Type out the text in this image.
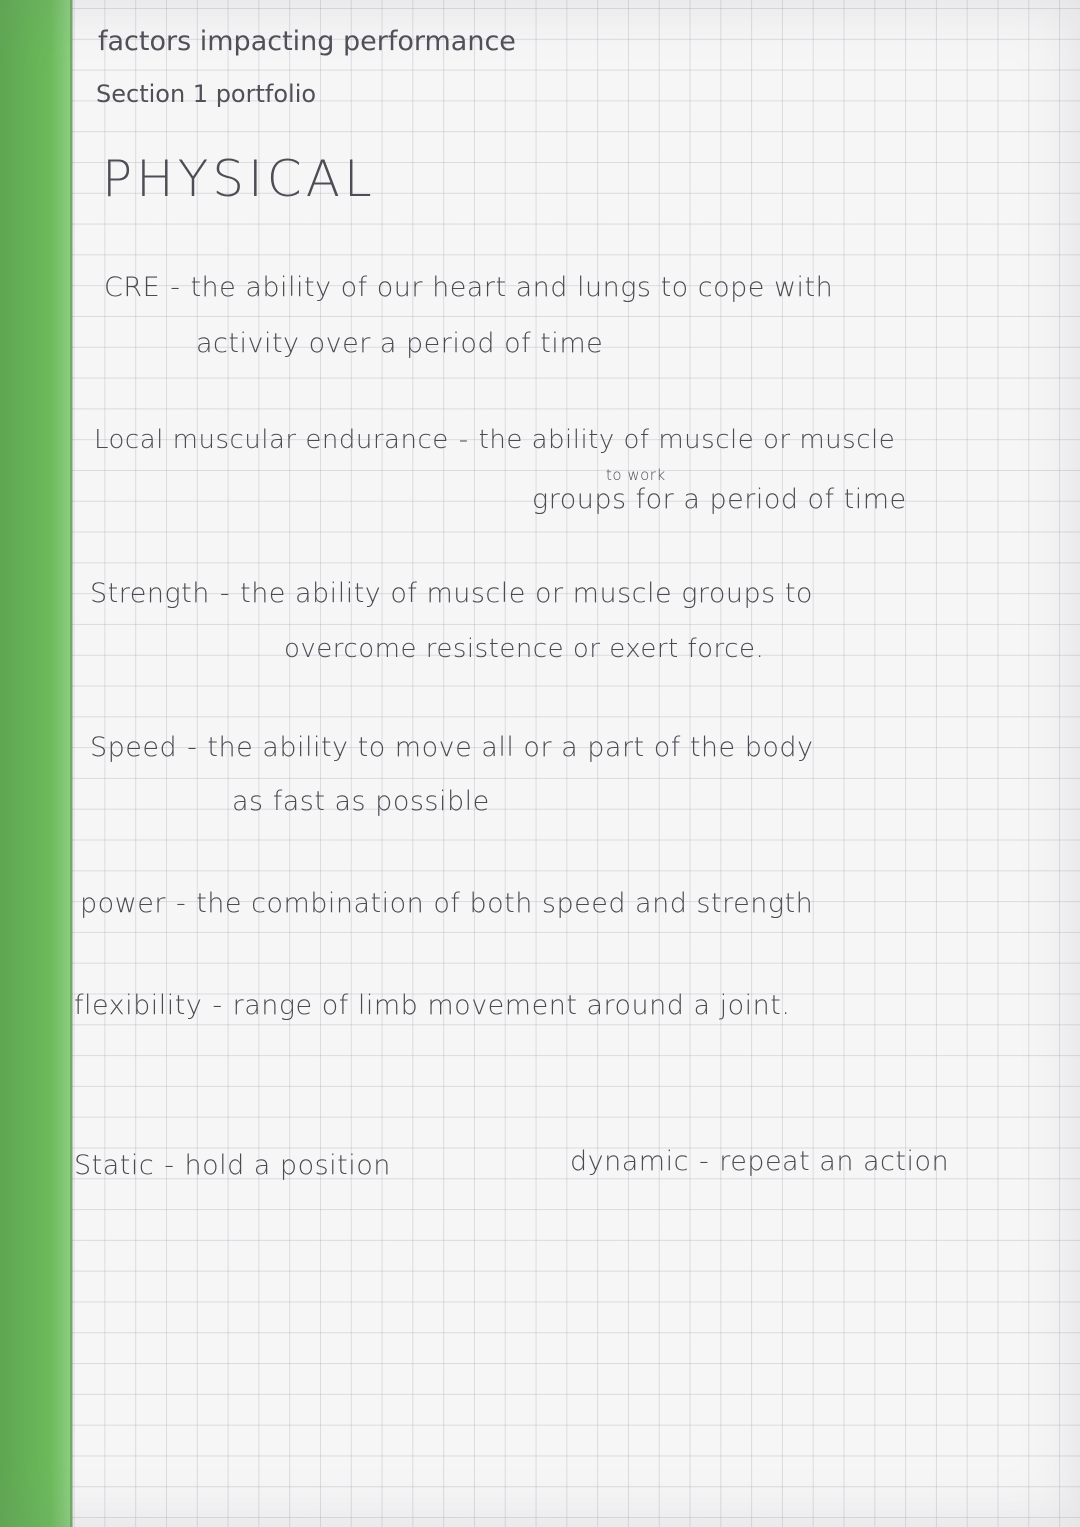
factors impacting performance
Section 1 portfolio
PHYSICAL
CRE - the ability of our heart and lungs to cope with
activity over a period of time
Local muscular endurance - the ability of muscle or muscle
to work
groups for a period of time
Strength - the ability of muscle or muscle groups to
overcome resistence or exert force.
Speed - the ability to move all or a part of the body
as fast as possible
power - the combination of both speed and strength
flexibility - range of limb movement around a joint.
Static - hold a position	dynamic - repeat an action
